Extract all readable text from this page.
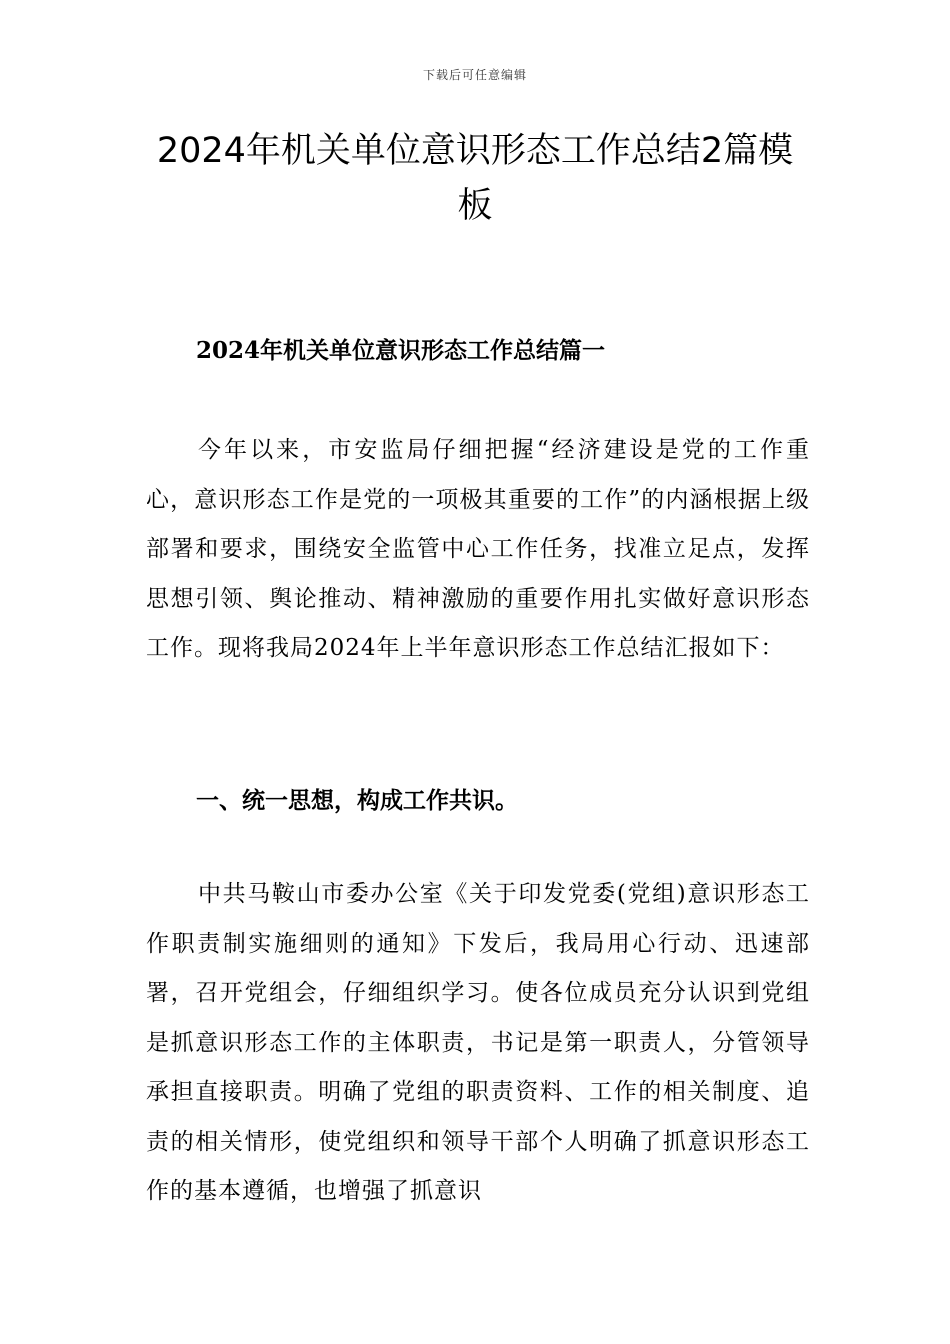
下载后可任意编辑
2024年机关单位意识形态工作总结2篇模板
2024年机关单位意识形态工作总结篇一

今年以来，市安监局仔细把握“经济建设是党的工作重心，意识形态工作是党的一项极其重要的工作”的内涵根据上级部署和要求，围绕安全监管中心工作任务，找准立足点，发挥思想引领、舆论推动、精神激励的重要作用扎实做好意识形态工作。现将我局2024年上半年意识形态工作总结汇报如下：

一、统一思想，构成工作共识。

中共马鞍山市委办公室《关于印发党委(党组)意识形态工作职责制实施细则的通知》下发后，我局用心行动、迅速部署，召开党组会，仔细组织学习。使各位成员充分认识到党组是抓意识形态工作的主体职责，书记是第一职责人，分管领导承担直接职责。明确了党组的职责资料、工作的相关制度、追责的相关情形，使党组织和领导干部个人明确了抓意识形态工作的基本遵循，也增强了抓意识
